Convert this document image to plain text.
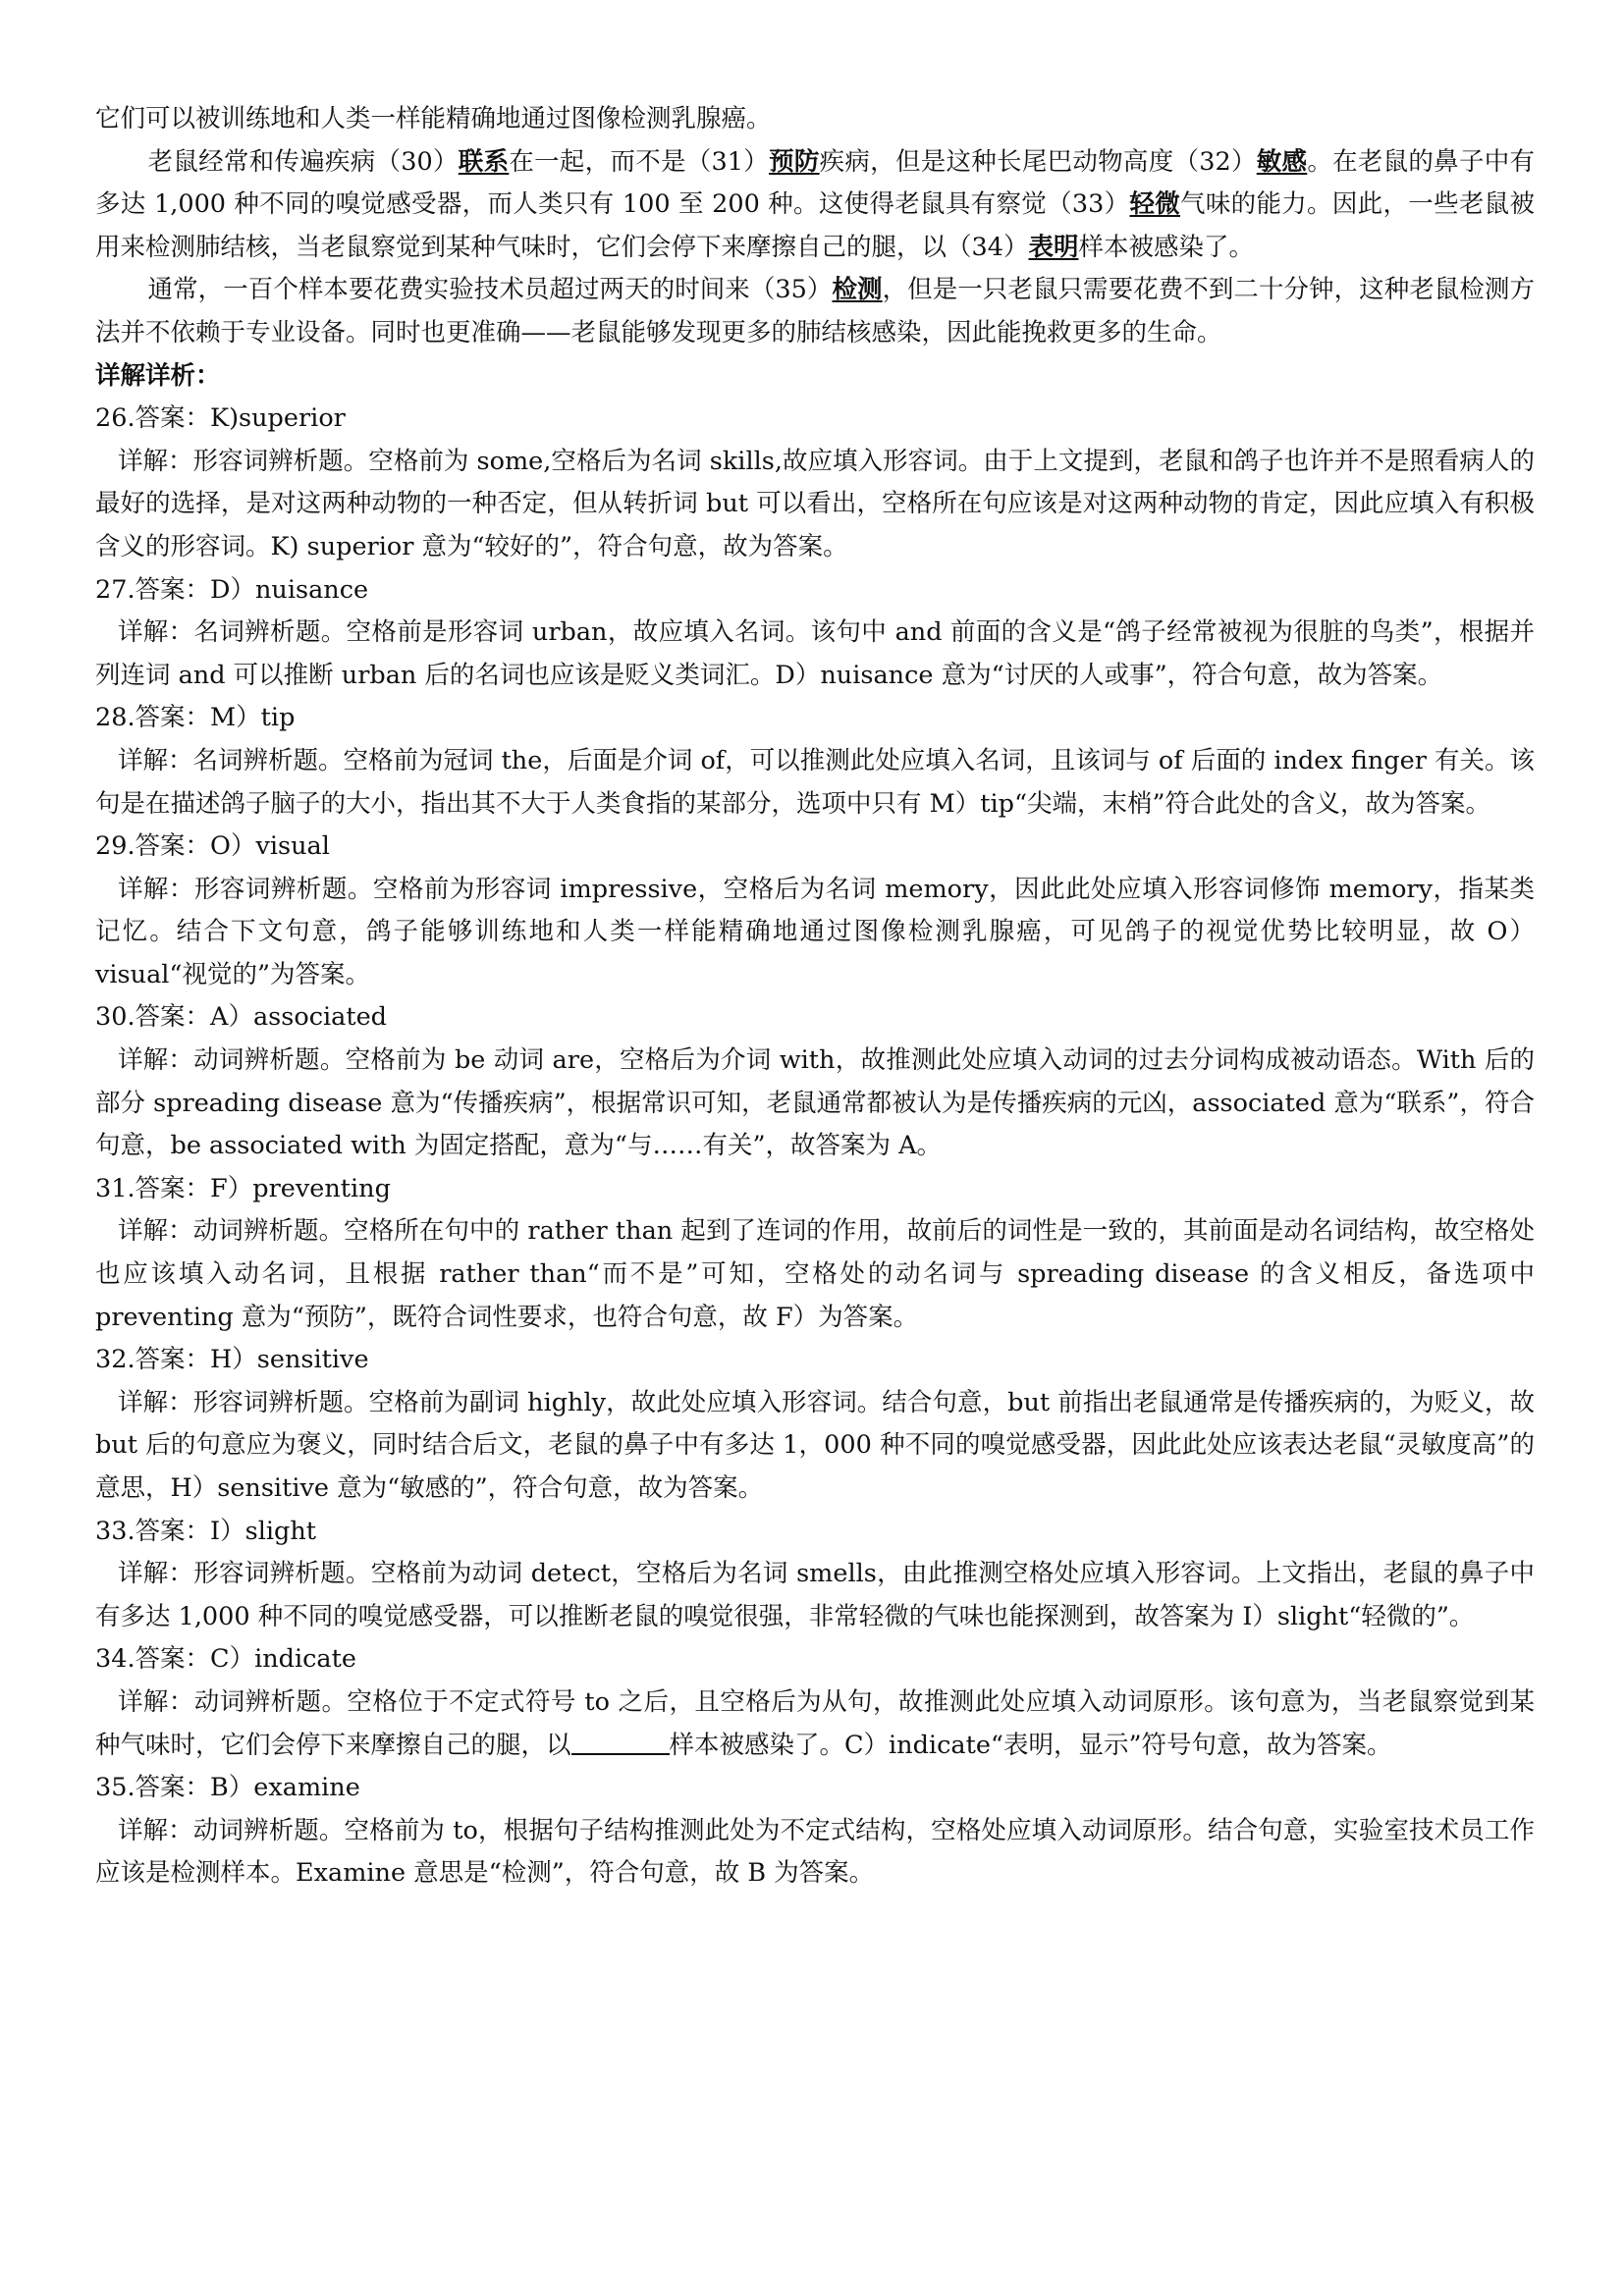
它们可以被训练地和人类一样能精确地通过图像检测乳腺癌。

老鼠经常和传遍疾病（30）联系在一起，而不是（31）预防疾病，但是这种长尾巴动物高度（32）敏感。在老鼠的鼻子中有多达 1,000 种不同的嗅觉感受器，而人类只有 100 至 200 种。这使得老鼠具有察觉（33）轻微气味的能力。因此，一些老鼠被用来检测肺结核，当老鼠察觉到某种气味时，它们会停下来摩擦自己的腿，以（34）表明样本被感染了。

通常，一百个样本要花费实验技术员超过两天的时间来（35）检测，但是一只老鼠只需要花费不到二十分钟，这种老鼠检测方法并不依赖于专业设备。同时也更准确——老鼠能够发现更多的肺结核感染，因此能挽救更多的生命。

详解详析：

26.答案：K)superior

详解：形容词辨析题。空格前为 some,空格后为名词 skills,故应填入形容词。由于上文提到，老鼠和鸽子也许并不是照看病人的最好的选择，是对这两种动物的一种否定，但从转折词 but 可以看出，空格所在句应该是对这两种动物的肯定，因此应填入有积极含义的形容词。K) superior 意为“较好的”，符合句意，故为答案。

27.答案：D）nuisance

详解：名词辨析题。空格前是形容词 urban，故应填入名词。该句中 and 前面的含义是“鸽子经常被视为很脏的鸟类”，根据并列连词 and 可以推断 urban 后的名词也应该是贬义类词汇。D）nuisance 意为“讨厌的人或事”，符合句意，故为答案。

28.答案：M）tip

详解：名词辨析题。空格前为冠词 the，后面是介词 of，可以推测此处应填入名词，且该词与 of 后面的 index finger 有关。该句是在描述鸽子脑子的大小，指出其不大于人类食指的某部分，选项中只有 M）tip“尖端，末梢”符合此处的含义，故为答案。

29.答案：O）visual

详解：形容词辨析题。空格前为形容词 impressive，空格后为名词 memory，因此此处应填入形容词修饰 memory，指某类记忆。结合下文句意，鸽子能够训练地和人类一样能精确地通过图像检测乳腺癌，可见鸽子的视觉优势比较明显，故 O）visual“视觉的”为答案。

30.答案：A）associated

详解：动词辨析题。空格前为 be 动词 are，空格后为介词 with，故推测此处应填入动词的过去分词构成被动语态。With 后的部分 spreading disease 意为“传播疾病”，根据常识可知，老鼠通常都被认为是传播疾病的元凶，associated 意为“联系”，符合句意，be associated with 为固定搭配，意为“与……有关”，故答案为 A。

31.答案：F）preventing

详解：动词辨析题。空格所在句中的 rather than 起到了连词的作用，故前后的词性是一致的，其前面是动名词结构，故空格处也应该填入动名词，且根据 rather than“而不是”可知，空格处的动名词与 spreading disease 的含义相反，备选项中 preventing 意为“预防”，既符合词性要求，也符合句意，故 F）为答案。

32.答案：H）sensitive

详解：形容词辨析题。空格前为副词 highly，故此处应填入形容词。结合句意，but 前指出老鼠通常是传播疾病的，为贬义，故 but 后的句意应为褒义，同时结合后文，老鼠的鼻子中有多达 1，000 种不同的嗅觉感受器，因此此处应该表达老鼠“灵敏度高”的意思，H）sensitive 意为“敏感的”，符合句意，故为答案。

33.答案：I）slight

详解：形容词辨析题。空格前为动词 detect，空格后为名词 smells，由此推测空格处应填入形容词。上文指出，老鼠的鼻子中有多达 1,000 种不同的嗅觉感受器，可以推断老鼠的嗅觉很强，非常轻微的气味也能探测到，故答案为 I）slight“轻微的”。

34.答案：C）indicate

详解：动词辨析题。空格位于不定式符号 to 之后，且空格后为从句，故推测此处应填入动词原形。该句意为，当老鼠察觉到某种气味时，它们会停下来摩擦自己的腿，以	样本被感染了。C）indicate“表明，显示”符号句意，故为答案。

35.答案：B）examine

详解：动词辨析题。空格前为 to，根据句子结构推测此处为不定式结构，空格处应填入动词原形。结合句意，实验室技术员工作应该是检测样本。Examine 意思是“检测”，符合句意，故 B 为答案。
